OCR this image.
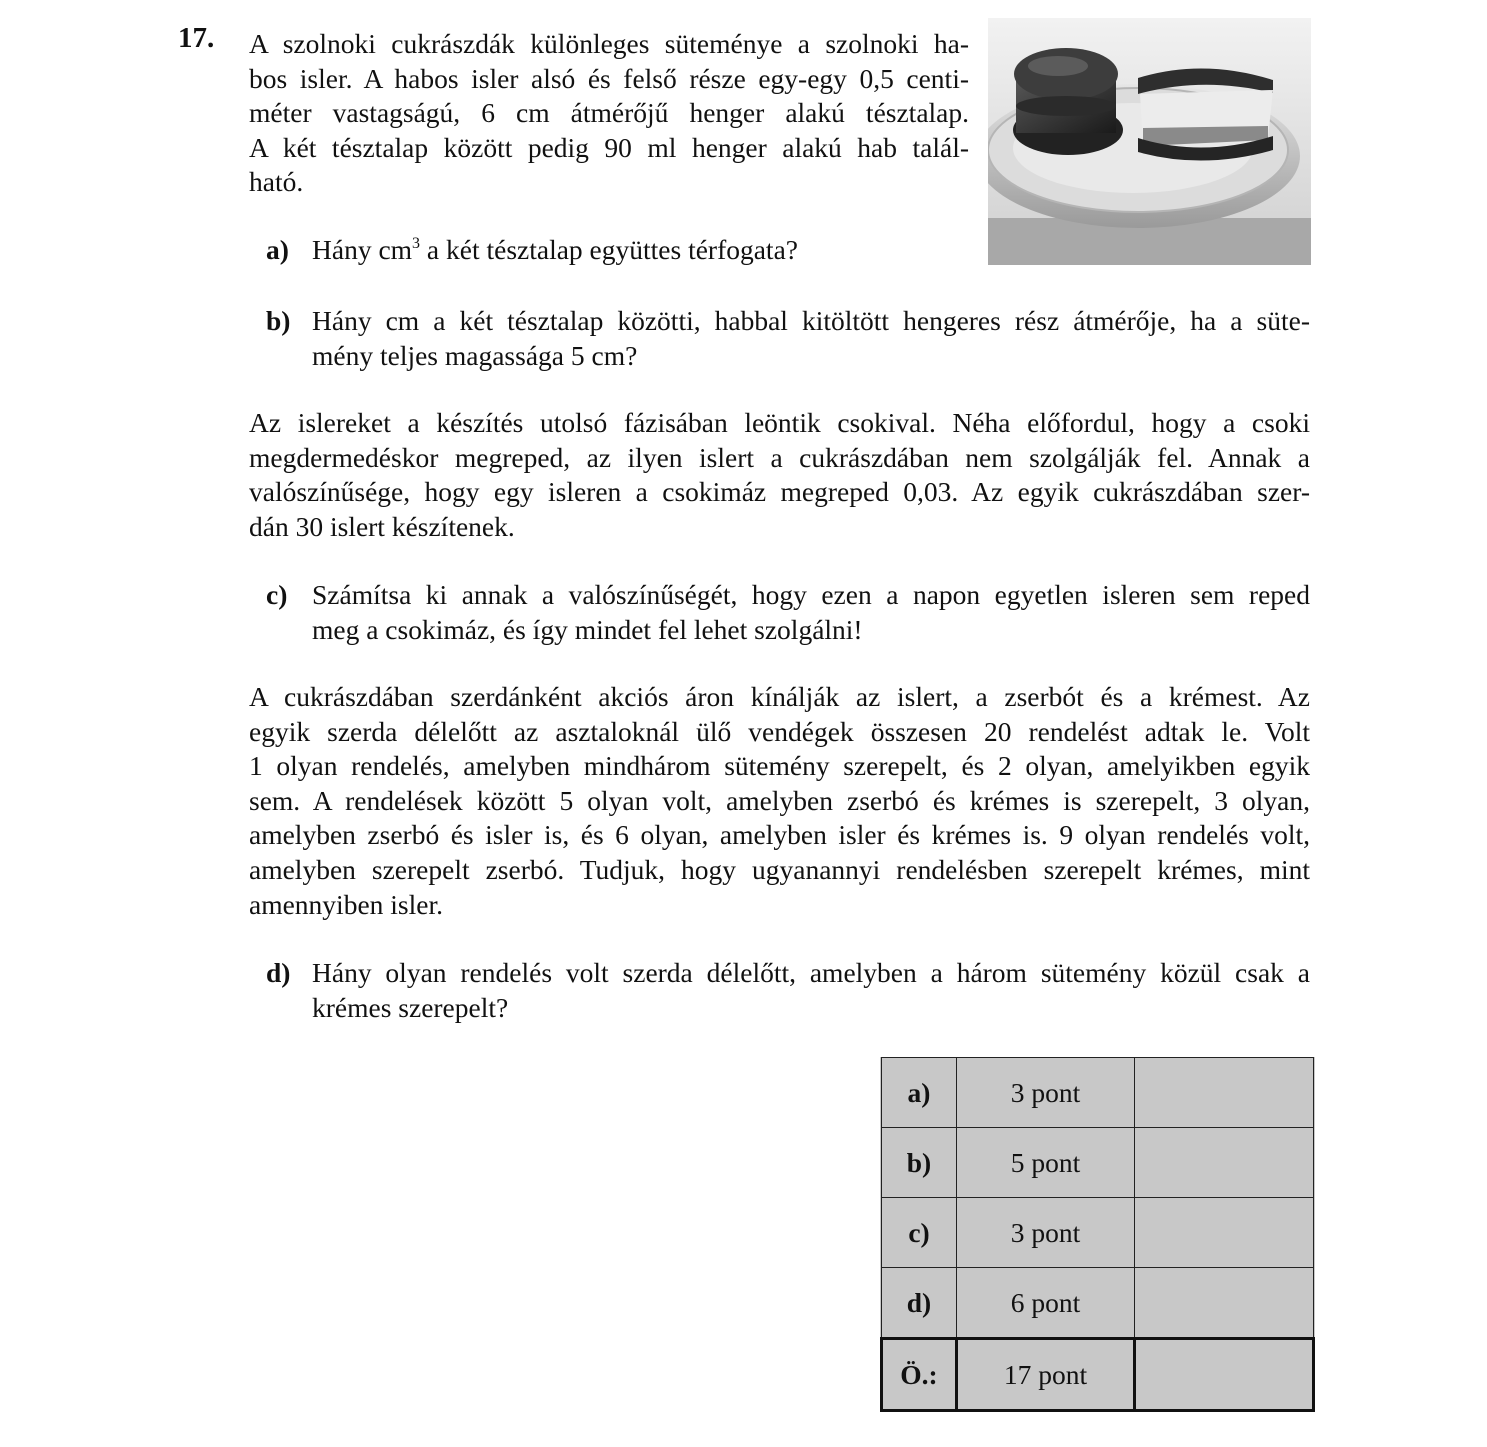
17. A szolnoki cukrászdák különleges süteménye a szolnoki ha-
bos isler. A habos isler alsó és felső része egy-egy 0,5 centi-
méter vastagságú, 6 cm átmérőjű henger alakú tésztalap.
A két tésztalap között pedig 90 ml henger alakú hab talál-
ható.
a) Hány $cm^3$ a két tésztalap együttes térfogata?
b) Hány cm a két tésztalap közötti, habbal kitöltött hengeres rész átmérője, ha a süte-
mény teljes magassága 5 cm?
Az islereket a készítés utolsó fázisában leöntik csokival. Néha előfordul, hogy a csoki
megdermedéskor megreped, az ilyen islert a cukrászdában nem szolgálják fel. Annak a
valószínűsége, hogy egy isleren a csokimáz megreped 0,03. Az egyik cukrászdában szer-
dán 30 islert készítenek.
c) Számítsa ki annak a valószínűségét, hogy ezen a napon egyetlen isleren sem reped
meg a csokimáz, és így mindet fel lehet szolgálni!
A cukrászdában szerdánként akciós áron kínálják az islert, a zserbót és a krémest. Az
egyik szerda délelőtt az asztaloknál ülő vendégek összesen 20 rendelést adtak le. Volt
1 olyan rendelés, amelyben mindhárom sütemény szerepelt, és 2 olyan, amelyikben egyik
sem. A rendelések között 5 olyan volt, amelyben zserbó és krémes is szerepelt, 3 olyan,
amelyben zserbó és isler is, és 6 olyan, amelyben isler és krémes is. 9 olyan rendelés volt,
amelyben szerepelt zserbó. Tudjuk, hogy ugyanannyi rendelésben szerepelt krémes, mint
amennyiben isler.
d) Hány olyan rendelés volt szerda délelőtt, amelyben a három sütemény közül csak a
krémes szerepelt?
a)	3 pont	
b)	5 pont	
c)	3 pont	
d)	6 pont	
Ö.:	17 pont	
